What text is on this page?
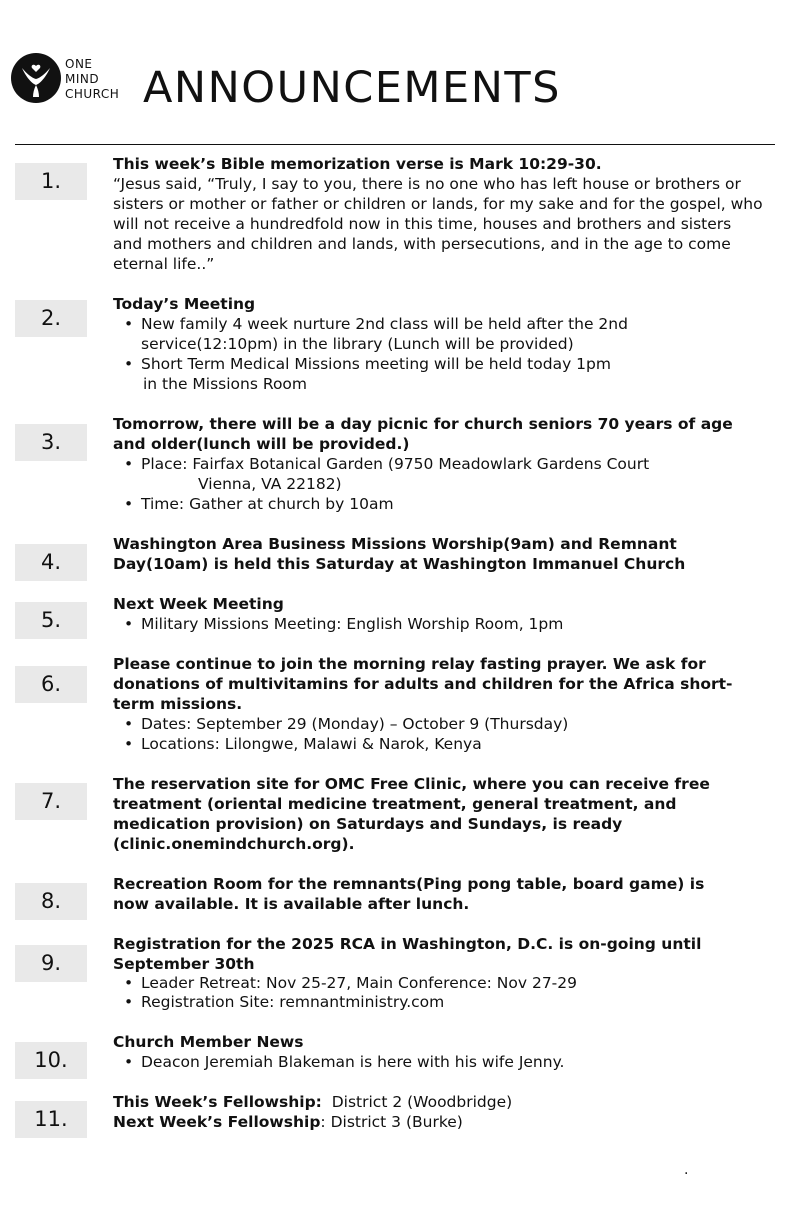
ONE
MIND
CHURCH ANNOUNCEMENTS
1.

This week’s Bible memorization verse is Mark 10:29-30.

“Jesus said, “Truly, I say to you, there is no one who has left house or brothers or sisters or mother or father or children or lands, for my sake and for the gospel, who will not receive a hundredfold now in this time, houses and brothers and sisters and mothers and children and lands, with persecutions, and in the age to come eternal life..”

2.

Today’s Meeting

• New family 4 week nurture 2nd class will be held after the 2nd service(12:10pm) in the library (Lunch will be provided)
• Short Term Medical Missions meeting will be held today 1pm
in the Missions Room
3.

Tomorrow, there will be a day picnic for church seniors 70 years of age and older(lunch will be provided.)

• Place: Fairfax Botanical Garden (9750 Meadowlark Gardens Court
Vienna, VA 22182)
• Time: Gather at church by 10am
4.

Washington Area Business Missions Worship(9am) and Remnant Day(10am) is held this Saturday at Washington Immanuel Church

5.

Next Week Meeting

• Military Missions Meeting: English Worship Room, 1pm
6.

Please continue to join the morning relay fasting prayer. We ask for donations of multivitamins for adults and children for the Africa short-term missions.

• Dates: September 29 (Monday) – October 9 (Thursday)
• Locations: Lilongwe, Malawi & Narok, Kenya
7.

The reservation site for OMC Free Clinic, where you can receive free treatment (oriental medicine treatment, general treatment, and medication provision) on Saturdays and Sundays, is ready (clinic.onemindchurch.org).

8.

Recreation Room for the remnants(Ping pong table, board game) is now available. It is available after lunch.

9.

Registration for the 2025 RCA in Washington, D.C. is on-going until September 30th

• Leader Retreat: Nov 25-27, Main Conference: Nov 27-29
• Registration Site: remnantministry.com
10.

Church Member News

• Deacon Jeremiah Blakeman is here with his wife Jenny.
11.

This Week’s Fellowship: District 2 (Woodbridge)

Next Week’s Fellowship: District 3 (Burke)

.
